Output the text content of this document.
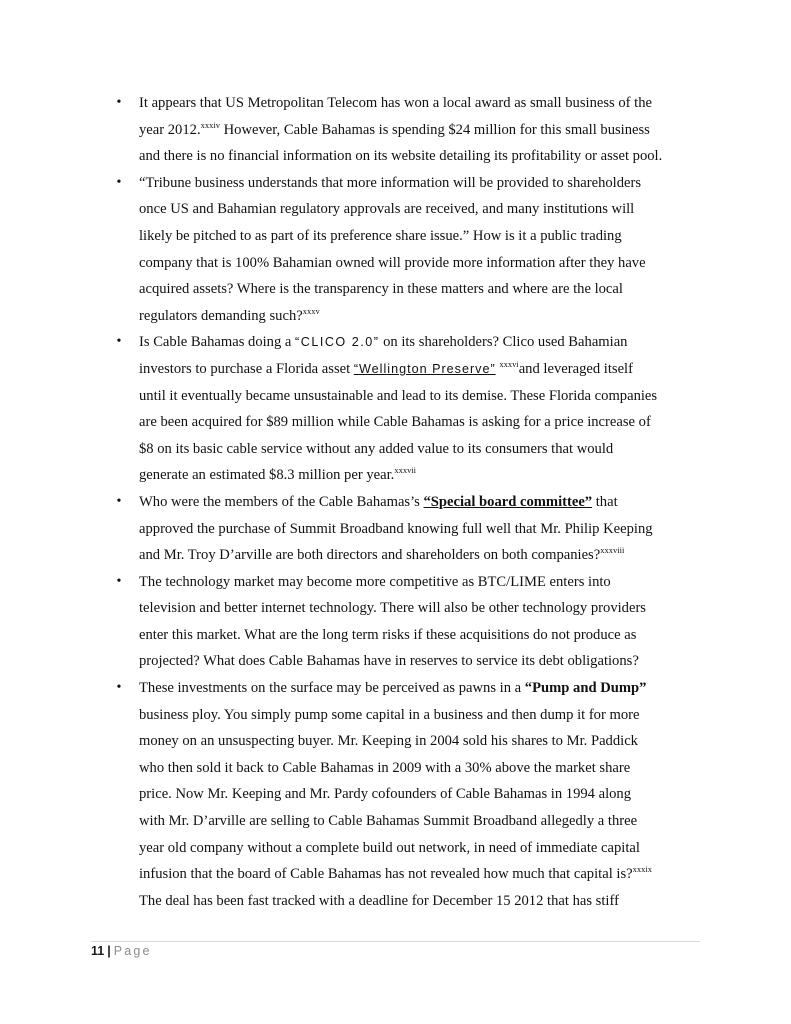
• It appears that US Metropolitan Telecom has won a local award as small business of the
year 2012.$^{xxxiv}$ However, Cable Bahamas is spending $24 million for this small business
and there is no financial information on its website detailing its profitability or asset pool.
• “Tribune business understands that more information will be provided to shareholders
once US and Bahamian regulatory approvals are received, and many institutions will
likely be pitched to as part of its preference share issue.” How is it a public trading
company that is 100% Bahamian owned will provide more information after they have
acquired assets? Where is the transparency in these matters and where are the local
regulators demanding such?$^{xxxv}$
• Is Cable Bahamas doing a “CLICO 2.0” on its shareholders? Clico used Bahamian
investors to purchase a Florida asset “Wellington Preserve” $^{xxxvi}$and leveraged itself
until it eventually became unsustainable and lead to its demise. These Florida companies
are been acquired for $89 million while Cable Bahamas is asking for a price increase of
$8 on its basic cable service without any added value to its consumers that would
generate an estimated $8.3 million per year.$^{xxxvii}$
• Who were the members of the Cable Bahamas’s “Special board committee” that
approved the purchase of Summit Broadband knowing full well that Mr. Philip Keeping
and Mr. Troy D’arville are both directors and shareholders on both companies?$^{xxxviii}$
• The technology market may become more competitive as BTC/LIME enters into
television and better internet technology. There will also be other technology providers
enter this market. What are the long term risks if these acquisitions do not produce as
projected? What does Cable Bahamas have in reserves to service its debt obligations?
• These investments on the surface may be perceived as pawns in a “Pump and Dump”
business ploy. You simply pump some capital in a business and then dump it for more
money on an unsuspecting buyer. Mr. Keeping in 2004 sold his shares to Mr. Paddick
who then sold it back to Cable Bahamas in 2009 with a 30% above the market share
price. Now Mr. Keeping and Mr. Pardy cofounders of Cable Bahamas in 1994 along
with Mr. D’arville are selling to Cable Bahamas Summit Broadband allegedly a three
year old company without a complete build out network, in need of immediate capital
infusion that the board of Cable Bahamas has not revealed how much that capital is?$^{xxxix}$
The deal has been fast tracked with a deadline for December 15 2012 that has stiff
11 | Page
